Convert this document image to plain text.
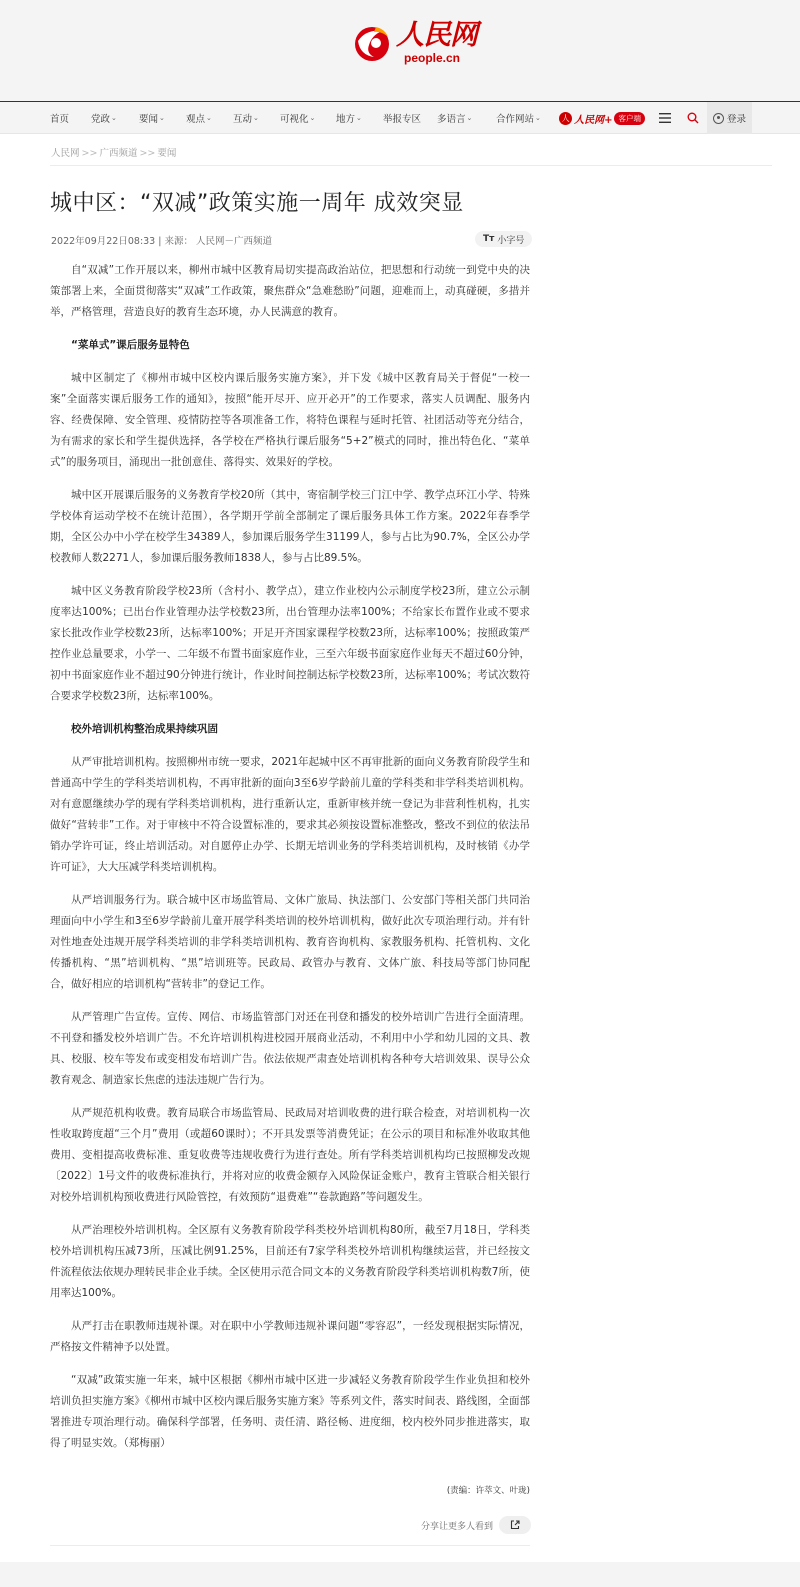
人民网
people.cn
首页 党政 ⌄ 要闻 ⌄ 观点 ⌄ 互动 ⌄ 可视化 ⌄ 地方 ⌄ 举报专区 多语言 ⌄ 合作网站 ⌄	人 人民网+ 客户端	登录
人民网 >> 广西频道 >> 要闻
城中区：“双减”政策实施一周年 成效突显
2022年09月22日08:33 | 来源： 人民网－广西频道	Tт 小字号

自“双减”工作开展以来，柳州市城中区教育局切实提高政治站位，把思想和行动统一到党中央的决策部署上来，全面贯彻落实“双减”工作政策，聚焦群众“急难愁盼”问题，迎难而上，动真碰硬，多措并举，严格管理，营造良好的教育生态环境，办人民满意的教育。

“菜单式”课后服务显特色

城中区制定了《柳州市城中区校内课后服务实施方案》，并下发《城中区教育局关于督促“一校一案”全面落实课后服务工作的通知》，按照“能开尽开、应开必开”的工作要求，落实人员调配、服务内容、经费保障、安全管理、疫情防控等各项准备工作，将特色课程与延时托管、社团活动等充分结合，为有需求的家长和学生提供选择，各学校在严格执行课后服务“5+2”模式的同时，推出特色化、“菜单式”的服务项目，涌现出一批创意佳、落得实、效果好的学校。

城中区开展课后服务的义务教育学校20所（其中，寄宿制学校三门江中学、教学点环江小学、特殊学校体育运动学校不在统计范围），各学期开学前全部制定了课后服务具体工作方案。2022年春季学期，全区公办中小学在校学生34389人，参加课后服务学生31199人，参与占比为90.7%，全区公办学校教师人数2271人，参加课后服务教师1838人，参与占比89.5%。

城中区义务教育阶段学校23所（含村小、教学点），建立作业校内公示制度学校23所，建立公示制度率达100%；已出台作业管理办法学校数23所，出台管理办法率100%；不给家长布置作业或不要求家长批改作业学校数23所，达标率100%；开足开齐国家课程学校数23所，达标率100%；按照政策严控作业总量要求，小学一、二年级不布置书面家庭作业，三至六年级书面家庭作业每天不超过60分钟，初中书面家庭作业不超过90分钟进行统计，作业时间控制达标学校数23所，达标率100%；考试次数符合要求学校数23所，达标率100%。

校外培训机构整治成果持续巩固

从严审批培训机构。按照柳州市统一要求，2021年起城中区不再审批新的面向义务教育阶段学生和普通高中学生的学科类培训机构，不再审批新的面向3至6岁学龄前儿童的学科类和非学科类培训机构。对有意愿继续办学的现有学科类培训机构，进行重新认定，重新审核并统一登记为非营利性机构，扎实做好“营转非”工作。对于审核中不符合设置标准的，要求其必须按设置标准整改，整改不到位的依法吊销办学许可证，终止培训活动。对自愿停止办学、长期无培训业务的学科类培训机构，及时核销《办学许可证》，大大压减学科类培训机构。

从严培训服务行为。联合城中区市场监管局、文体广旅局、执法部门、公安部门等相关部门共同治理面向中小学生和3至6岁学龄前儿童开展学科类培训的校外培训机构，做好此次专项治理行动。并有针对性地查处违规开展学科类培训的非学科类培训机构、教育咨询机构、家教服务机构、托管机构、文化传播机构、“黑”培训机构、“黑”培训班等。民政局、政管办与教育、文体广旅、科技局等部门协同配合，做好相应的培训机构“营转非”的登记工作。

从严管理广告宣传。宣传、网信、市场监管部门对还在刊登和播发的校外培训广告进行全面清理。不刊登和播发校外培训广告。不允许培训机构进校园开展商业活动，不利用中小学和幼儿园的文具、教具、校服、校车等发布或变相发布培训广告。依法依规严肃查处培训机构各种夸大培训效果、误导公众教育观念、制造家长焦虑的违法违规广告行为。

从严规范机构收费。教育局联合市场监管局、民政局对培训收费的进行联合检查，对培训机构一次性收取跨度超“三个月”费用（或超60课时）；不开具发票等消费凭证；在公示的项目和标准外收取其他费用、变相提高收费标准、重复收费等违规收费行为进行查处。所有学科类培训机构均已按照柳发改规〔2022〕1号文件的收费标准执行，并将对应的收费金额存入风险保证金账户，教育主管联合相关银行对校外培训机构预收费进行风险管控，有效预防“退费难”“卷款跑路”等问题发生。

从严治理校外培训机构。全区原有义务教育阶段学科类校外培训机构80所，截至7月18日，学科类校外培训机构压减73所，压减比例91.25%，目前还有7家学科类校外培训机构继续运营，并已经按文件流程依法依规办理转民非企业手续。全区使用示范合同文本的义务教育阶段学科类培训机构数7所，使用率达100%。

从严打击在职教师违规补课。对在职中小学教师违规补课问题“零容忍”，一经发现根据实际情况，严格按文件精神予以处置。

“双减”政策实施一年来，城中区根据《柳州市城中区进一步减轻义务教育阶段学生作业负担和校外培训负担实施方案》《柳州市城中区校内课后服务实施方案》等系列文件，落实时间表、路线图，全面部署推进专项治理行动。确保科学部署，任务明、责任清、路径畅、进度细，校内校外同步推进落实，取得了明显实效。（郑梅丽）

(责编：许萃文、叶珑)
分享让更多人看到
